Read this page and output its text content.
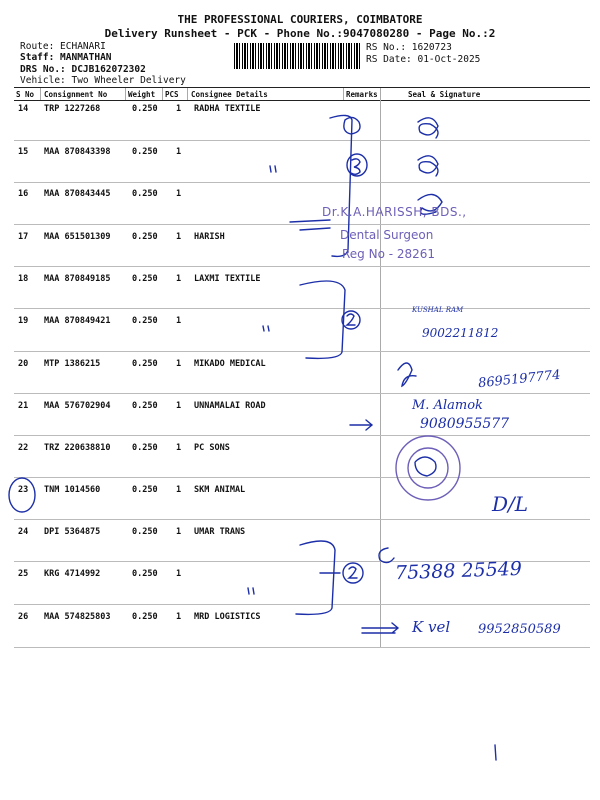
THE PROFESSIONAL COURIERS, COIMBATORE
Delivery Runsheet - PCK - Phone No.:9047080280 - Page No.:2
Route: ECHANARI
Staff: MANMATHAN
DRS No.: DCJB162072302
Vehicle: Two Wheeler Delivery
RS No.: 1620723
RS Date: 01-Oct-2025
S No Consignment No	Weight PCS Consignee Details	Remarks	Seal & Signature
14 TRP 1227268	0.250 1 RADHA TEXTILE
15 MAA 870843398	0.250 1
16 MAA 870843445	0.250 1
17 MAA 651501309	0.250 1 HARISH
18 MAA 870849185	0.250 1 LAXMI TEXTILE
19 MAA 870849421	0.250 1
20 MTP 1386215	0.250 1 MIKADO MEDICAL
21 MAA 576702904	0.250 1 UNNAMALAI ROAD
22 TRZ 220638810	0.250 1 PC SONS
23 TNM 1014560	0.250 1 SKM ANIMAL
24 DPI 5364875	0.250 1 UMAR TRANS
25 KRG 4714992	0.250 1
26 MAA 574825803	0.250 1 MRD LOGISTICS
Dr.K.A.HARISSH, BDS.,
Dental Surgeon
Reg No - 28261
KUSHAL RAM
9002211812
8695197774
M. Alamok
9080955577
D/L
75388 25549
K vel 9952850589
